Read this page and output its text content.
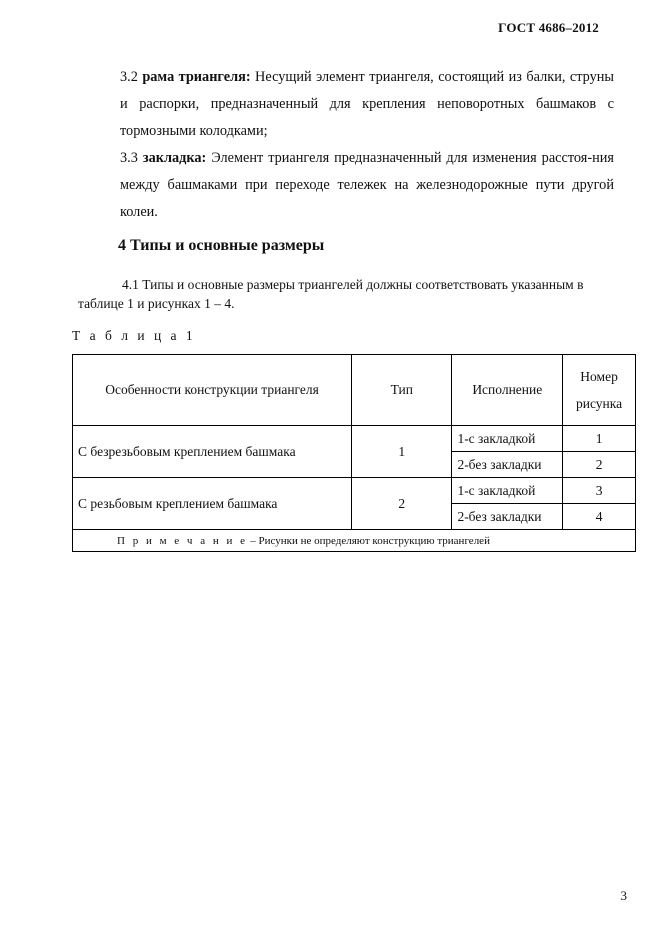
ГОСТ 4686–2012
3.2 рама триангеля: Несущий элемент триангеля, состоящий из балки, струны и распорки, предназначенный для крепления неповоротных башмаков с тормозными колодками;
3.3 закладка: Элемент триангеля предназначенный для изменения расстоя-ния между башмаками при переходе тележек на железнодорожные пути другой колеи.
4 Типы и основные размеры
4.1 Типы и основные размеры триангелей должны соответствовать указанным в таблице 1 и рисунках 1 – 4.
Т а б л и ц а 1
Особенности конструкции триангеля	Тип	Исполнение	Номер
рисунка
С безрезьбовым креплением башмака	1	1-с закладкой	1
		2-без закладки	2
С резьбовым креплением башмака	2	1-с закладкой	3
		2-без закладки	4
П р и м е ч а н и е – Рисунки не определяют конструкцию триангелей			
3
